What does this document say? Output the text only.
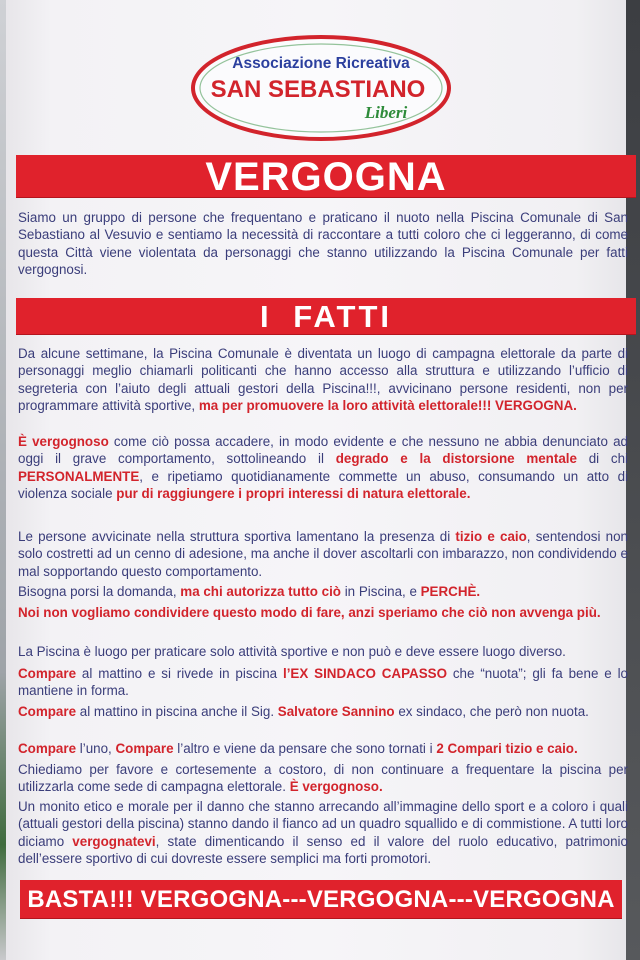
Associazione Ricreativa
SAN SEBASTIANO
Liberi
VERGOGNA

Siamo un gruppo di persone che frequentano e praticano il nuoto nella Piscina Comunale di San Sebastiano al Vesuvio e sentiamo la necessità di raccontare a tutti coloro che ci leggeranno, di come questa Città viene violentata da personaggi che stanno utilizzando la Piscina Comunale per fatti vergognosi.

I FATTI

Da alcune settimane, la Piscina Comunale è diventata un luogo di campagna elettorale da parte di personaggi meglio chiamarli politicanti che hanno accesso alla struttura e utilizzando l’ufficio di segreteria con l’aiuto degli attuali gestori della Piscina!!!, avvicinano persone residenti, non per programmare attività sportive, ma per promuovere la loro attività elettorale!!! VERGOGNA.

È vergognoso come ciò possa accadere, in modo evidente e che nessuno ne abbia denunciato ad oggi il grave comportamento, sottolineando il degrado e la distorsione mentale di chi PERSONALMENTE, e ripetiamo quotidianamente commette un abuso, consumando un atto di violenza sociale pur di raggiungere i propri interessi di natura elettorale.

Le persone avvicinate nella struttura sportiva lamentano la presenza di tizio e caio, sentendosi non solo costretti ad un cenno di adesione, ma anche il dover ascoltarli con imbarazzo, non condividendo e mal sopportando questo comportamento.

Bisogna porsi la domanda, ma chi autorizza tutto ciò in Piscina, e PERCHÈ.

Noi non vogliamo condividere questo modo di fare, anzi speriamo che ciò non avvenga più.

La Piscina è luogo per praticare solo attività sportive e non può e deve essere luogo diverso.

Compare al mattino e si rivede in piscina l’EX SINDACO CAPASSO che “nuota”; gli fa bene e lo mantiene in forma.

Compare al mattino in piscina anche il Sig. Salvatore Sannino ex sindaco, che però non nuota.

Compare l’uno, Compare l’altro e viene da pensare che sono tornati i 2 Compari tizio e caio.

Chiediamo per favore e cortesemente a costoro, di non continuare a frequentare la piscina per utilizzarla come sede di campagna elettorale. È vergognoso.

Un monito etico e morale per il danno che stanno arrecando all’immagine dello sport e a coloro i quali (attuali gestori della piscina) stanno dando il fianco ad un quadro squallido e di commistione. A tutti loro diciamo vergognatevi, state dimenticando il senso ed il valore del ruolo educativo, patrimonio dell’essere sportivo di cui dovreste essere semplici ma forti promotori.

BASTA!!! VERGOGNA---VERGOGNA---VERGOGNA
